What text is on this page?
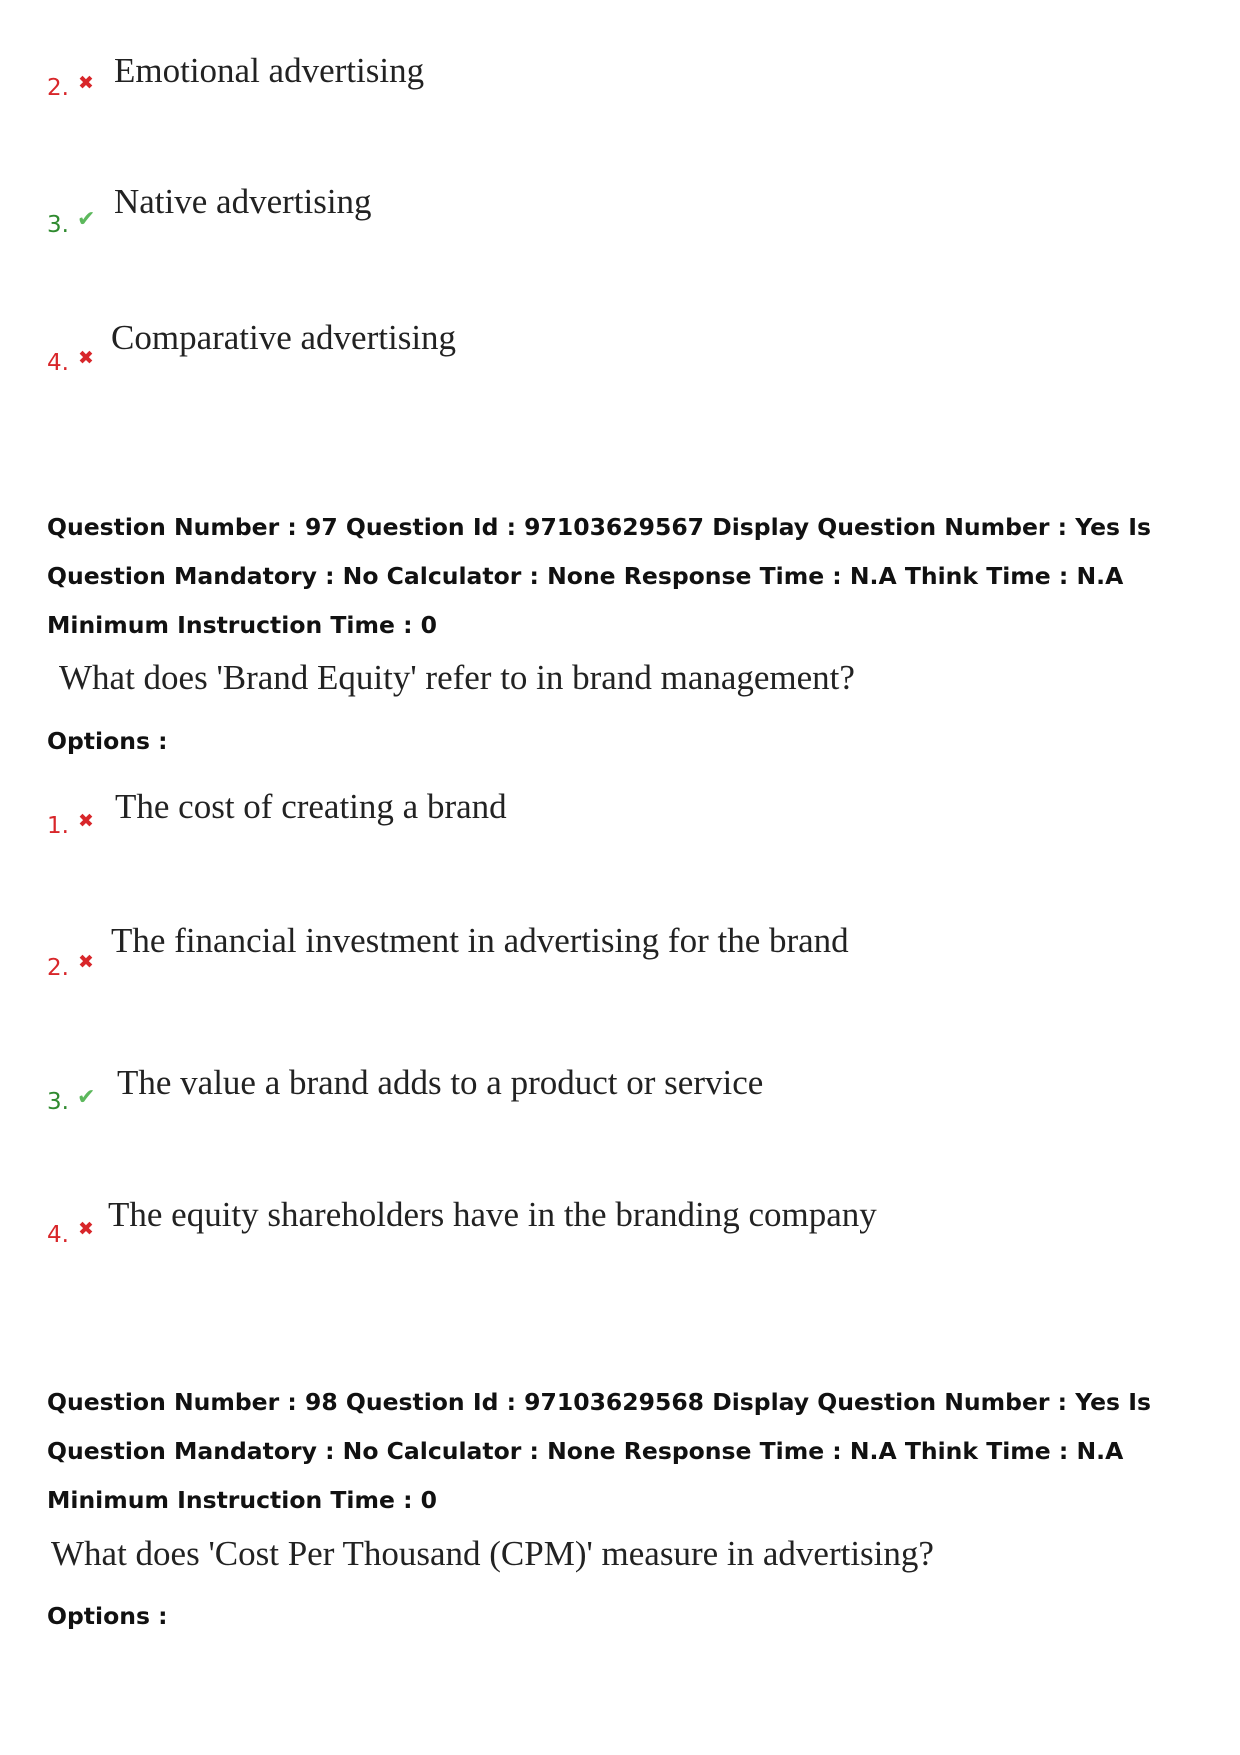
2. ✖ Emotional advertising
3. ✔ Native advertising
4. ✖
Comparative advertising
Question Number : 97 Question Id : 97103629567 Display Question Number : Yes Is Question Mandatory : No Calculator : None Response Time : N.A Think Time : N.A Minimum Instruction Time : 0
What does 'Brand Equity' refer to in brand management?
Options :
1. ✖ The cost of creating a brand
2. ✖
The financial investment in advertising for the brand
3. ✔ The value a brand adds to a product or service
4. ✖ The equity shareholders have in the branding company
Question Number : 98 Question Id : 97103629568 Display Question Number : Yes Is Question Mandatory : No Calculator : None Response Time : N.A Think Time : N.A Minimum Instruction Time : 0
What does 'Cost Per Thousand (CPM)' measure in advertising?
Options :
